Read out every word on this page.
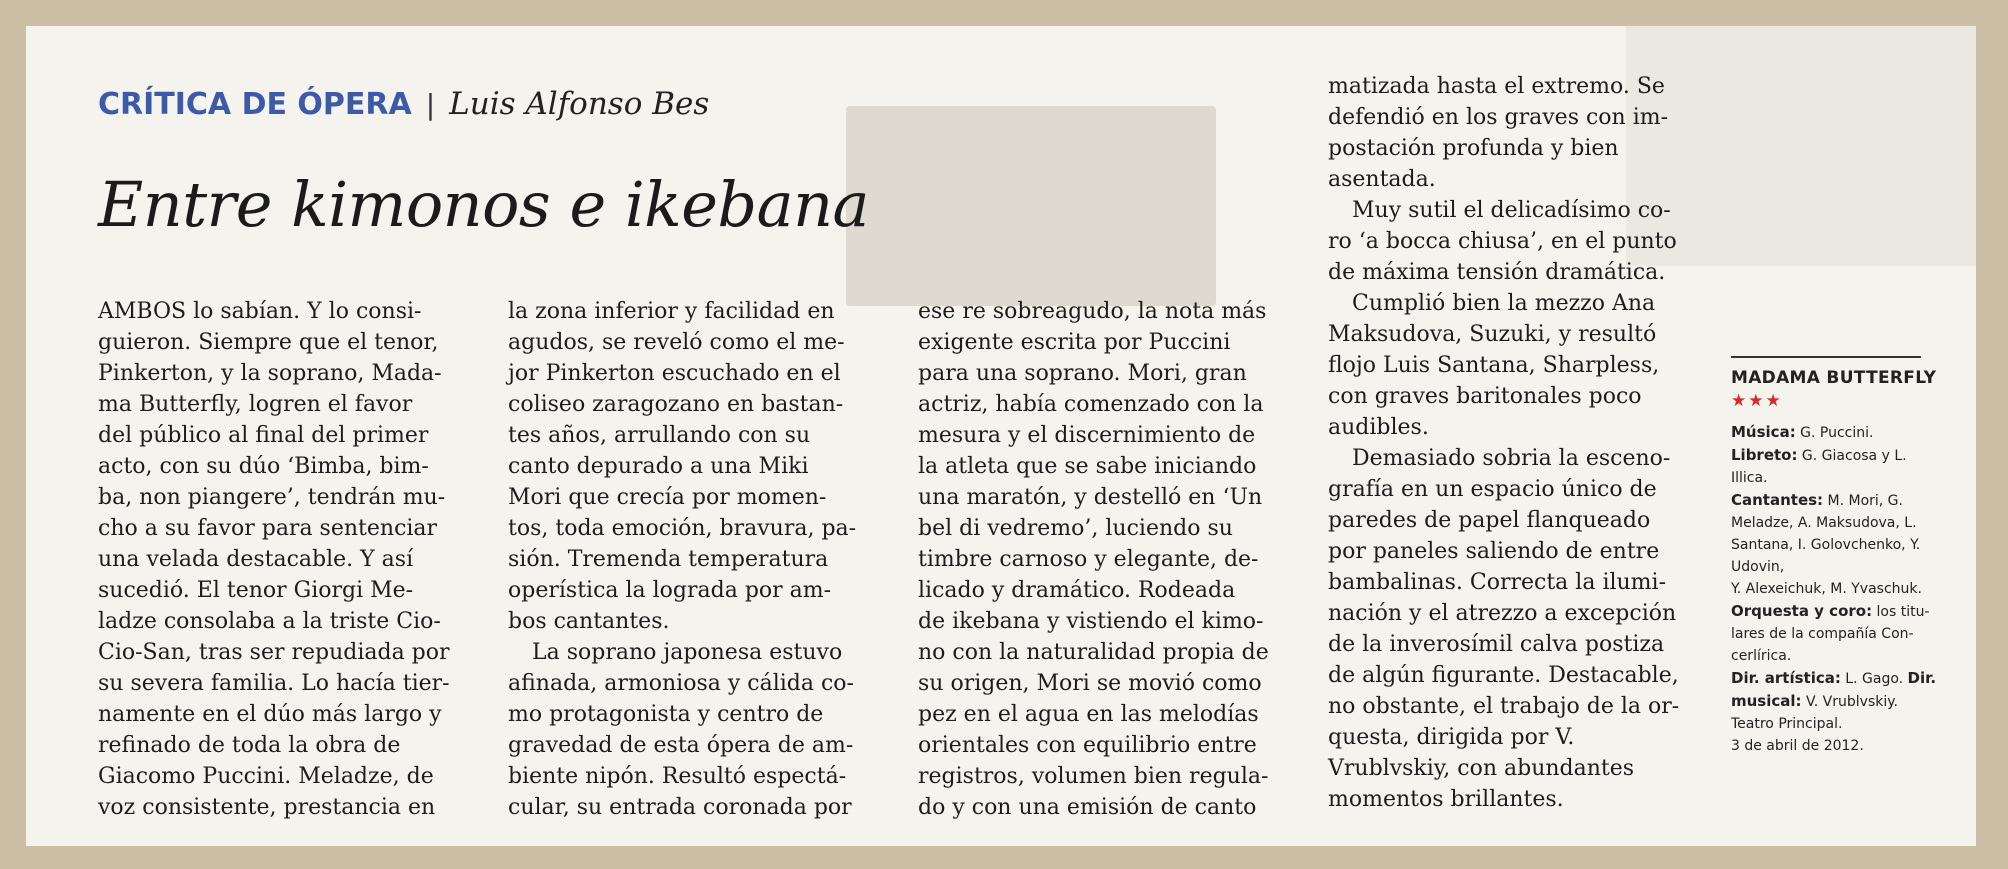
CRÍTICA DE ÓPERA | Luis Alfonso Bes
Entre kimonos e ikebana
AMBOS lo sabían. Y lo consi-
guieron. Siempre que el tenor,
Pinkerton, y la soprano, Mada-
ma Butterfly, logren el favor
del público al final del primer
acto, con su dúo ‘Bimba, bim-
ba, non piangere’, tendrán mu-
cho a su favor para sentenciar
una velada destacable. Y así
sucedió. El tenor Giorgi Me-
ladze consolaba a la triste Cio-
Cio-San, tras ser repudiada por
su severa familia. Lo hacía tier-
namente en el dúo más largo y
refinado de toda la obra de
Giacomo Puccini. Meladze, de
voz consistente, prestancia en
la zona inferior y facilidad en
agudos, se reveló como el me-
jor Pinkerton escuchado en el
coliseo zaragozano en bastan-
tes años, arrullando con su
canto depurado a una Miki
Mori que crecía por momen-
tos, toda emoción, bravura, pa-
sión. Tremenda temperatura
operística la lograda por am-
bos cantantes.
La soprano japonesa estuvo
afinada, armoniosa y cálida co-
mo protagonista y centro de
gravedad de esta ópera de am-
biente nipón. Resultó espectá-
cular, su entrada coronada por
ese re sobreagudo, la nota más
exigente escrita por Puccini
para una soprano. Mori, gran
actriz, había comenzado con la
mesura y el discernimiento de
la atleta que se sabe iniciando
una maratón, y destelló en ‘Un
bel di vedremo’, luciendo su
timbre carnoso y elegante, de-
licado y dramático. Rodeada
de ikebana y vistiendo el kimo-
no con la naturalidad propia de
su origen, Mori se movió como
pez en el agua en las melodías
orientales con equilibrio entre
registros, volumen bien regula-
do y con una emisión de canto
matizada hasta el extremo. Se
defendió en los graves con im-
postación profunda y bien
asentada.
Muy sutil el delicadísimo co-
ro ‘a bocca chiusa’, en el punto
de máxima tensión dramática.
Cumplió bien la mezzo Ana
Maksudova, Suzuki, y resultó
flojo Luis Santana, Sharpless,
con graves baritonales poco
audibles.
Demasiado sobria la esceno-
grafía en un espacio único de
paredes de papel flanqueado
por paneles saliendo de entre
bambalinas. Correcta la ilumi-
nación y el atrezzo a excepción
de la inverosímil calva postiza
de algún figurante. Destacable,
no obstante, el trabajo de la or-
questa, dirigida por V.
Vrublvskiy, con abundantes
momentos brillantes.
MADAMA BUTTERFLY
★★★
Música: G. Puccini.
Libreto: G. Giacosa y L.
Illica.
Cantantes: M. Mori, G.
Meladze, A. Maksudova, L.
Santana, I. Golovchenko, Y.
Udovin,
Y. Alexeichuk, M. Yvaschuk.
Orquesta y coro: los titu-
lares de la compañía Con-
cerlírica.
Dir. artística: L. Gago. Dir.
musical: V. Vrublvskiy.
Teatro Principal.
3 de abril de 2012.
